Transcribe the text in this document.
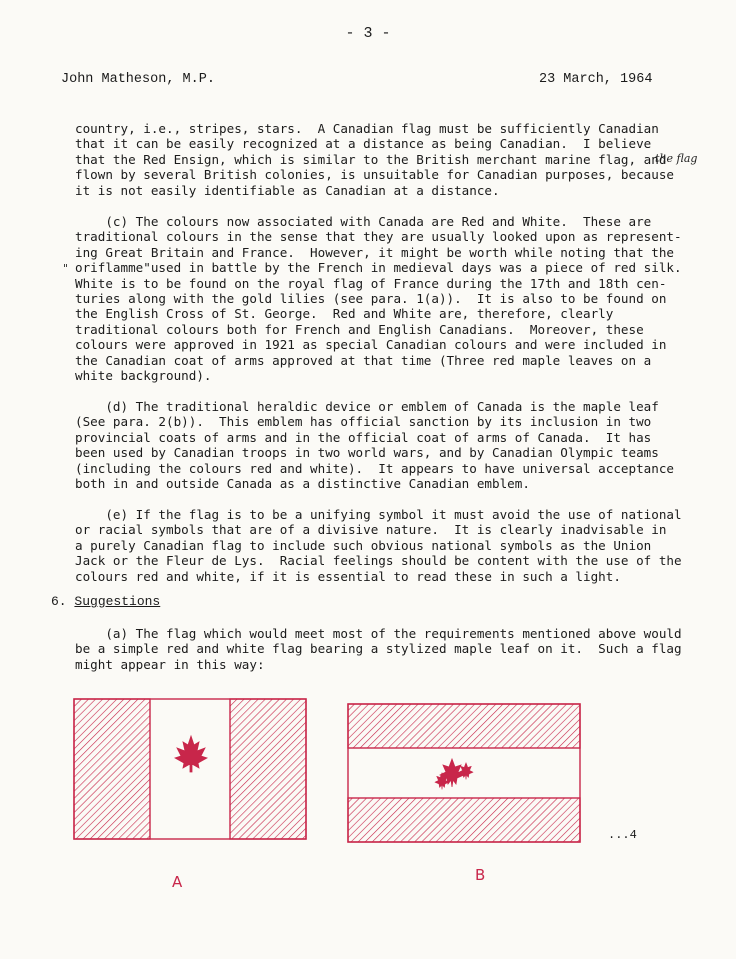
- 3 -
John Matheson, M.P.	23 March, 1964
country, i.e., stripes, stars.  A Canadian flag must be sufficiently Canadian
that it can be easily recognized at a distance as being Canadian.  I believe
that the Red Ensign, which is similar to the British merchant marine flag, and
flown by several British colonies, is unsuitable for Canadian purposes, because
it is not easily identifiable as Canadian at a distance.
the flag
(c) The colours now associated with Canada are Red and White.  These are
traditional colours in the sense that they are usually looked upon as represent-
ing Great Britain and France.  However, it might be worth while noting that the
oriflamme"used in battle by the French in medieval days was a piece of red silk.
White is to be found on the royal flag of France during the 17th and 18th cen-
turies along with the gold lilies (see para. 1(a)).  It is also to be found on
the English Cross of St. George.  Red and White are, therefore, clearly
traditional colours both for French and English Canadians.  Moreover, these
colours were approved in 1921 as special Canadian colours and were included in
the Canadian coat of arms approved at that time (Three red maple leaves on a
white background).
"
(d) The traditional heraldic device or emblem of Canada is the maple leaf
(See para. 2(b)).  This emblem has official sanction by its inclusion in two
provincial coats of arms and in the official coat of arms of Canada.  It has
been used by Canadian troops in two world wars, and by Canadian Olympic teams
(including the colours red and white).  It appears to have universal acceptance
both in and outside Canada as a distinctive Canadian emblem.
(e) If the flag is to be a unifying symbol it must avoid the use of national
or racial symbols that are of a divisive nature.  It is clearly inadvisable in
a purely Canadian flag to include such obvious national symbols as the Union
Jack or the Fleur de Lys.  Racial feelings should be content with the use of the
colours red and white, if it is essential to read these in such a light.
6. Suggestions
(a) The flag which would meet most of the requirements mentioned above would
be a simple red and white flag bearing a stylized maple leaf on it.  Such a flag
might appear in this way:
A	B
...4
